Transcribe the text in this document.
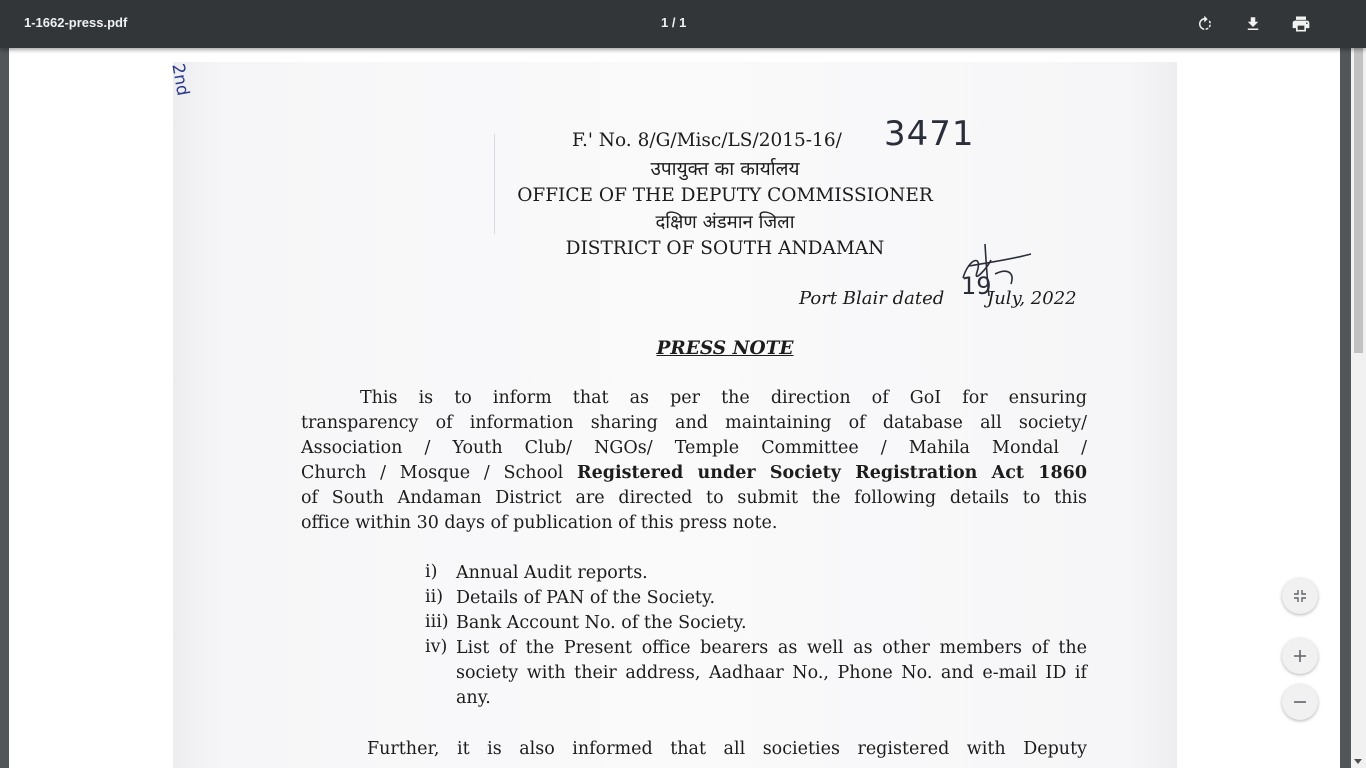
1-1662-press.pdf	1 / 1
2nd
F.' No. 8/G/Misc/LS/2015-16/ 3471
उपायुक्त का कार्यालय
OFFICE OF THE DEPUTY COMMISSIONER
दक्षिण अंडमान जिला
DISTRICT OF SOUTH ANDAMAN
Port Blair dated 19
July, 2022
PRESS NOTE
This is to inform that as per the direction of GoI for ensuring
transparency of information sharing and maintaining of database all society/
Association / Youth Club/ NGOs/ Temple Committee / Mahila Mondal /
Church / Mosque / School Registered under Society Registration Act 1860
of South Andaman District are directed to submit the following details to this
office within 30 days of publication of this press note.
i) Annual Audit reports.
ii) Details of PAN of the Society.
iii) Bank Account No. of the Society.
iv) List of the Present office bearers as well as other members of the society with their address, Aadhaar No., Phone No. and e-mail ID if any.
Further, it is also informed that all societies registered with Deputy
